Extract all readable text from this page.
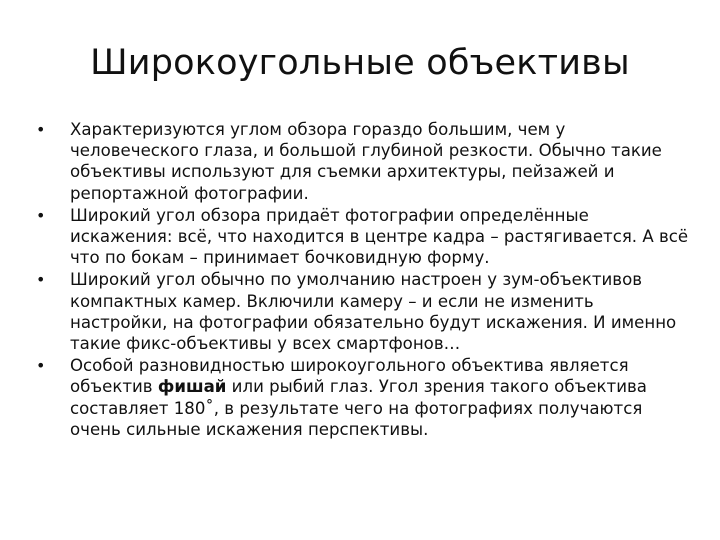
Широкоугольные объективы
•	Характеризуются углом обзора гораздо большим, чем у человеческого глаза, и большой глубиной резкости. Обычно такие объективы используют для съемки архитектуры, пейзажей и репортажной фотографии.
•	Широкий угол обзора придаёт фотографии определённые искажения: всё, что находится в центре кадра – растягивается. А всё что по бокам – принимает бочковидную форму.
•	Широкий угол обычно по умолчанию настроен у зум-объективов компактных камер. Включили камеру – и если не изменить настройки, на фотографии обязательно будут искажения. И именно такие фикс-объективы у всех смартфонов…
•	Особой разновидностью широкоугольного объектива является объектив фишай или рыбий глаз. Угол зрения такого объектива составляет 180˚, в результате чего на фотографиях получаются очень сильные искажения перспективы.
